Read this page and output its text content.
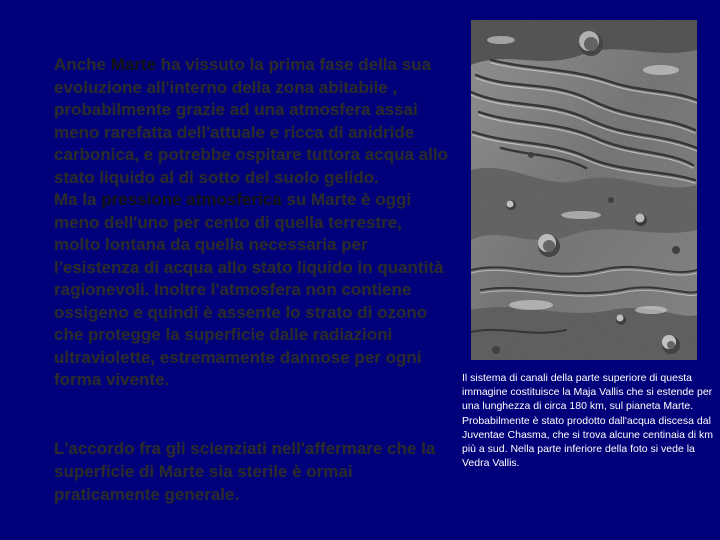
Anche Marte ha vissuto la prima fase della sua evoluzione all'interno della zona abitabile , probabilmente grazie ad una atmosfera assai meno rarefatta dell'attuale e ricca di anidride carbonica, e potrebbe ospitare tuttora acqua allo stato liquido al di sotto del suolo gelido.

Ma la pressione atmosferica su Marte è oggi meno dell'uno per cento di quella terrestre, molto lontana da quella necessaria per l'esistenza di acqua allo stato liquido in quantità ragionevoli. Inoltre l'atmosfera non contiene ossigeno e quindi è assente lo strato di ozono che protegge la superficie dalle radiazioni ultraviolette, estremamente dannose per ogni forma vivente.

L'accordo fra gli scienziati nell'affermare che la superficie di Marte sia sterile è ormai praticamente generale.
Il sistema di canali della parte superiore di questa immagine costituisce la Maja Vallis che si estende per una lunghezza di circa 180 km, sul pianeta Marte. Probabilmente è stato prodotto dall'acqua discesa dal Juventae Chasma, che si trova alcune centinaia di km più a sud. Nella parte inferiore della foto si vede la Vedra Vallis.
